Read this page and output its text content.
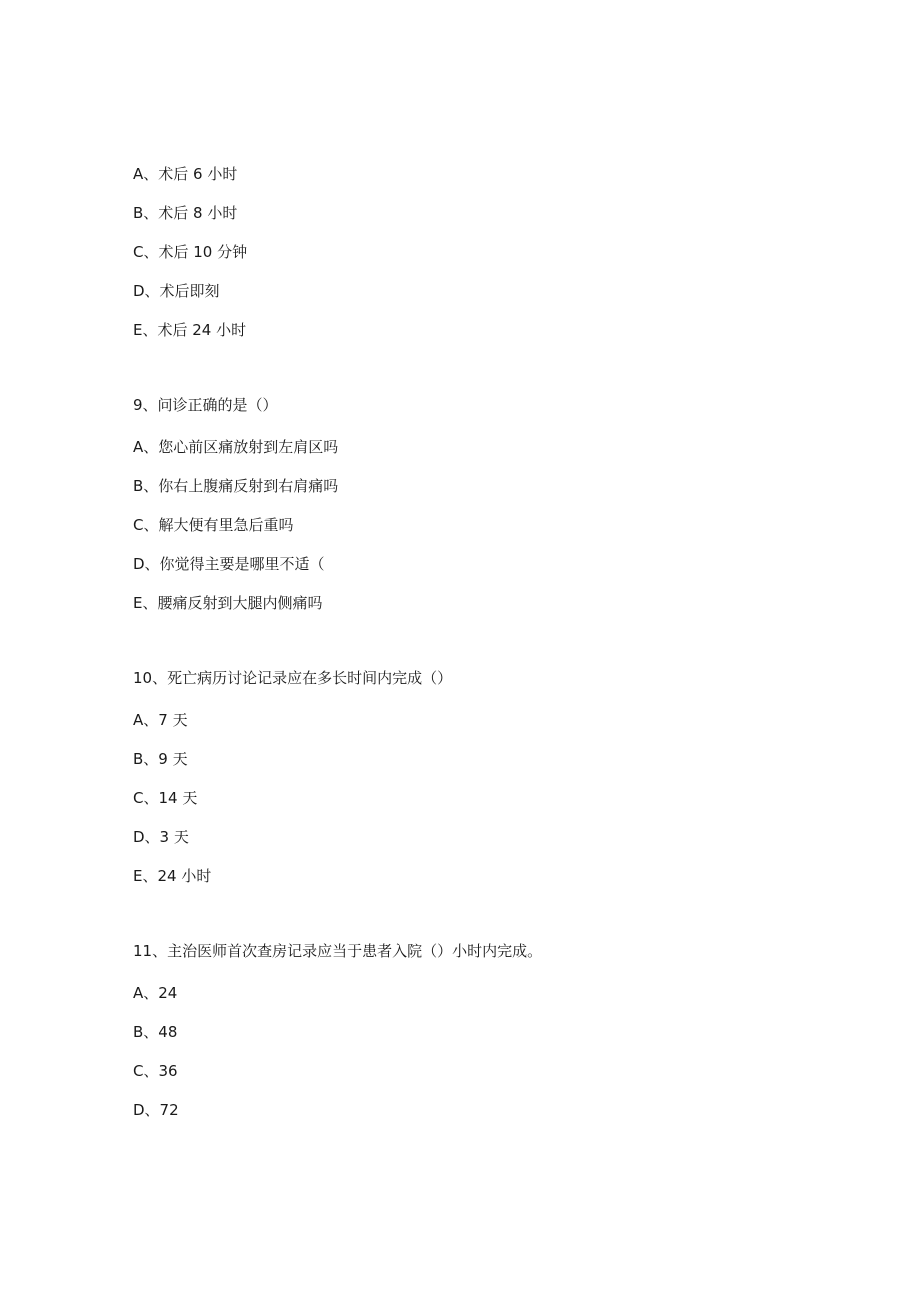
A、术后 6 小时
B、术后 8 小时
C、术后 10 分钟
D、术后即刻
E、术后 24 小时
9、问诊正确的是（）
A、您心前区痛放射到左肩区吗
B、你右上腹痛反射到右肩痛吗
C、解大便有里急后重吗
D、你觉得主要是哪里不适（
E、腰痛反射到大腿内侧痛吗
10、死亡病历讨论记录应在多长时间内完成（）
A、7 天
B、9 天
C、14 天
D、3 天
E、24 小时
11、主治医师首次查房记录应当于患者入院（）小时内完成。
A、24
B、48
C、36
D、72
